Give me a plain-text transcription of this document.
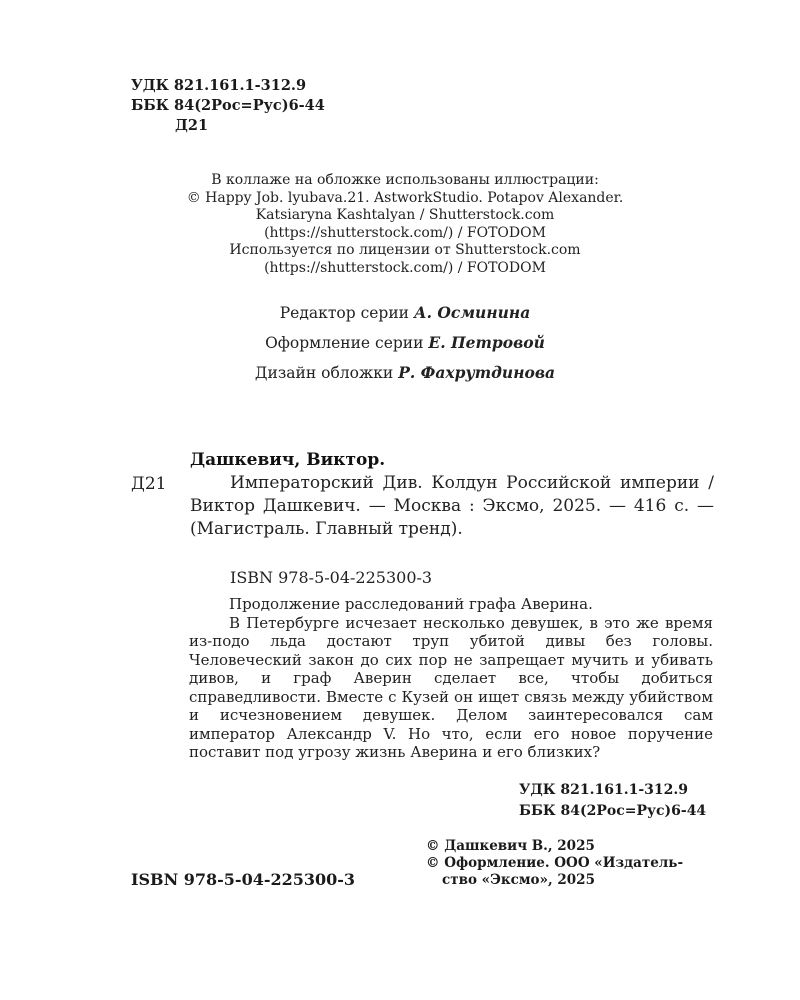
УДК 821.161.1-312.9
ББК 84(2Рос=Рус)6-44
Д21
В коллаже на обложке использованы иллюстрации:
© Happy Job. lyubava.21. AstworkStudio. Potapov Alexander.
Katsiaryna Kashtalyan / Shutterstock.com
(https://shutterstock.com/) / FOTODOM
Используется по лицензии от Shutterstock.com
(https://shutterstock.com/) / FOTODOM
Редактор серии А. Осминина
Оформление серии Е. Петровой
Дизайн обложки Р. Фахрутдинова
Дашкевич, Виктор.
Д21	Императорский Див. Колдун Российской империи / Виктор Дашкевич. — Москва : Эксмо, 2025. — 416 с. — (Магистраль. Главный тренд).
ISBN 978-5-04-225300-3

Продолжение расследований графа Аверина.

В Петербурге исчезает несколько девушек, в это же время из-подо льда достают труп убитой дивы без головы. Человеческий закон до сих пор не запрещает мучить и убивать дивов, и граф Аверин сделает все, чтобы добиться справедливости. Вместе с Кузей он ищет связь между убийством и исчезновением девушек. Делом заинтересовался сам император Александр V. Но что, если его новое поручение поставит под угрозу жизнь Аверина и его близких?

УДК 821.161.1-312.9
ББК 84(2Рос=Рус)6-44
© Дашкевич В., 2025
© Оформление. ООО «Издатель-
ство «Эксмо», 2025
ISBN 978-5-04-225300-3
